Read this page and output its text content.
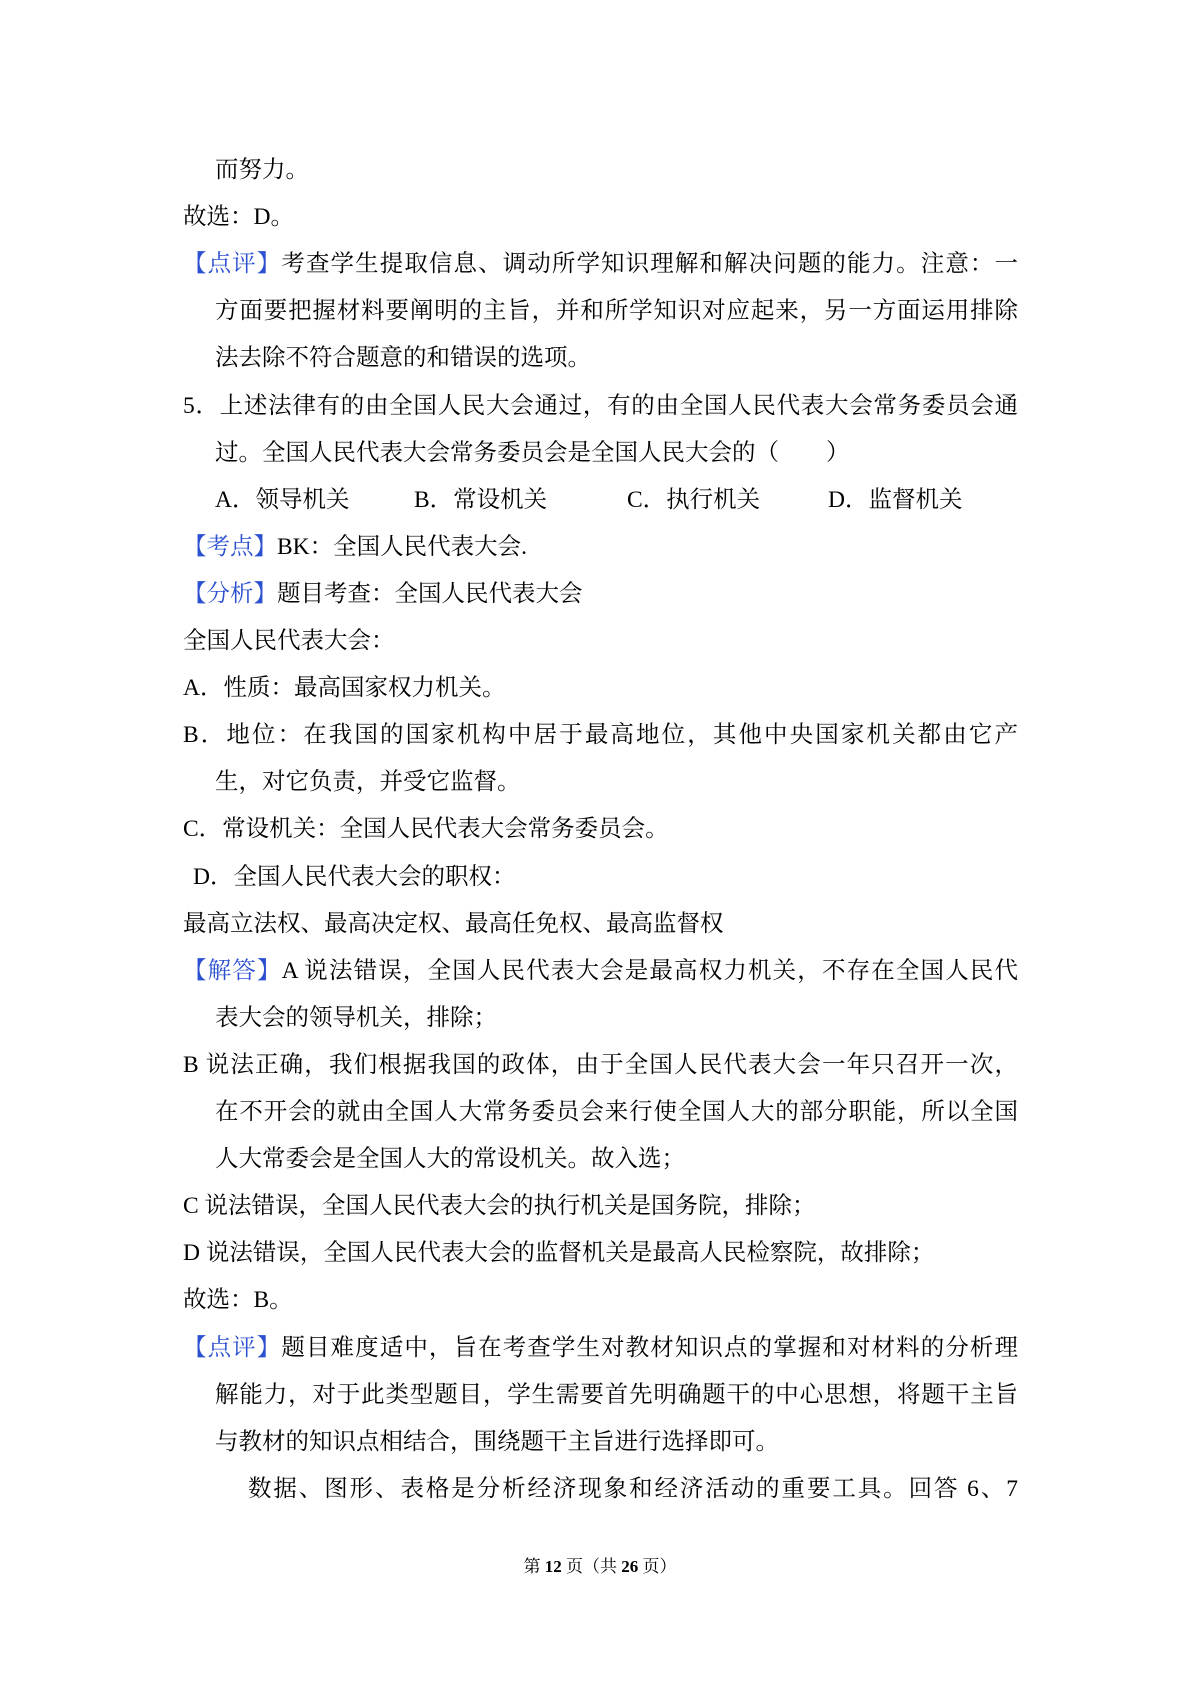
而努力。
故选：D。
【点评】考查学生提取信息、调动所学知识理解和解决问题的能力。注意：一
方面要把握材料要阐明的主旨，并和所学知识对应起来，另一方面运用排除
法去除不符合题意的和错误的选项。
5．上述法律有的由全国人民大会通过，有的由全国人民代表大会常务委员会通
过。全国人民代表大会常务委员会是全国人民大会的（　　）
A．领导机关	B．常设机关	C．执行机关	D．监督机关
【考点】BK：全国人民代表大会.
【分析】题目考查：全国人民代表大会
全国人民代表大会：
A．性质：最高国家权力机关。
B．地位：在我国的国家机构中居于最高地位，其他中央国家机关都由它产
生，对它负责，并受它监督。
C．常设机关：全国人民代表大会常务委员会。
D．全国人民代表大会的职权：
最高立法权、最高决定权、最高任免权、最高监督权
【解答】A 说法错误，全国人民代表大会是最高权力机关，不存在全国人民代
表大会的领导机关，排除；
B 说法正确，我们根据我国的政体，由于全国人民代表大会一年只召开一次，
在不开会的就由全国人大常务委员会来行使全国人大的部分职能，所以全国
人大常委会是全国人大的常设机关。故入选；
C 说法错误，全国人民代表大会的执行机关是国务院，排除；
D 说法错误，全国人民代表大会的监督机关是最高人民检察院，故排除；
故选：B。
【点评】题目难度适中，旨在考查学生对教材知识点的掌握和对材料的分析理
解能力，对于此类型题目，学生需要首先明确题干的中心思想，将题干主旨
与教材的知识点相结合，围绕题干主旨进行选择即可。
数据、图形、表格是分析经济现象和经济活动的重要工具。回答 6、7
第 12 页（共 26 页）
